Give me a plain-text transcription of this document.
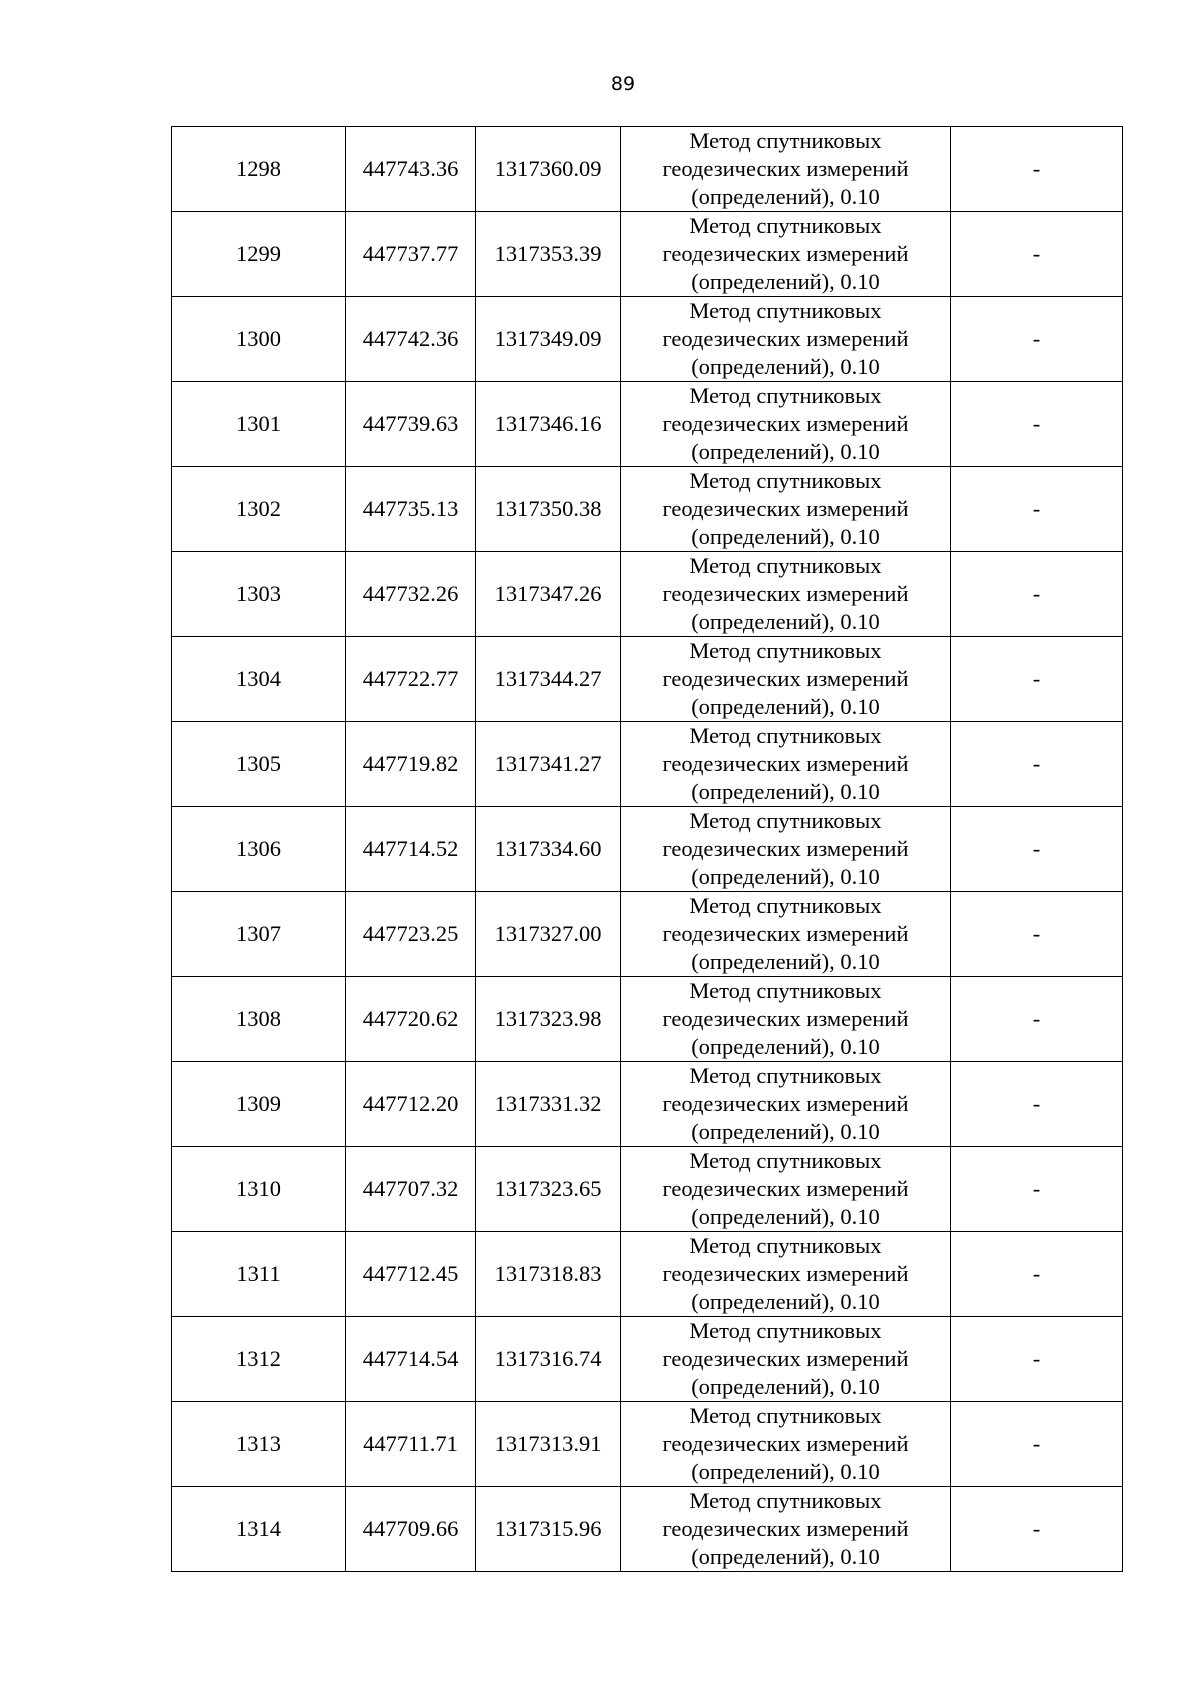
89
1298	447743.36	1317360.09	Метод спутниковых
геодезических измерений
(определений), 0.10	-
1299	447737.77	1317353.39	Метод спутниковых
геодезических измерений
(определений), 0.10	-
1300	447742.36	1317349.09	Метод спутниковых
геодезических измерений
(определений), 0.10	-
1301	447739.63	1317346.16	Метод спутниковых
геодезических измерений
(определений), 0.10	-
1302	447735.13	1317350.38	Метод спутниковых
геодезических измерений
(определений), 0.10	-
1303	447732.26	1317347.26	Метод спутниковых
геодезических измерений
(определений), 0.10	-
1304	447722.77	1317344.27	Метод спутниковых
геодезических измерений
(определений), 0.10	-
1305	447719.82	1317341.27	Метод спутниковых
геодезических измерений
(определений), 0.10	-
1306	447714.52	1317334.60	Метод спутниковых
геодезических измерений
(определений), 0.10	-
1307	447723.25	1317327.00	Метод спутниковых
геодезических измерений
(определений), 0.10	-
1308	447720.62	1317323.98	Метод спутниковых
геодезических измерений
(определений), 0.10	-
1309	447712.20	1317331.32	Метод спутниковых
геодезических измерений
(определений), 0.10	-
1310	447707.32	1317323.65	Метод спутниковых
геодезических измерений
(определений), 0.10	-
1311	447712.45	1317318.83	Метод спутниковых
геодезических измерений
(определений), 0.10	-
1312	447714.54	1317316.74	Метод спутниковых
геодезических измерений
(определений), 0.10	-
1313	447711.71	1317313.91	Метод спутниковых
геодезических измерений
(определений), 0.10	-
1314	447709.66	1317315.96	Метод спутниковых
геодезических измерений
(определений), 0.10	-
